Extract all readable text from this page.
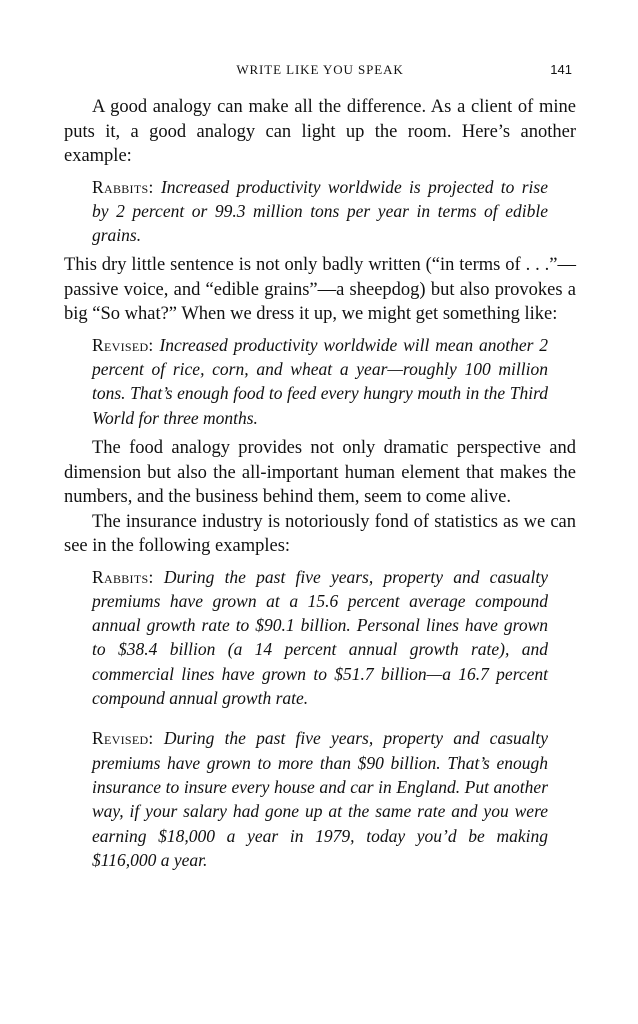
WRITE LIKE YOU SPEAK	141

A good analogy can make all the difference. As a client of mine puts it, a good analogy can light up the room. Here’s another example:

Rabbits: Increased productivity worldwide is projected to rise by 2 percent or 99.3 million tons per year in terms of edible grains.

This dry little sentence is not only badly written (“in terms of . . .”—passive voice, and “edible grains”—a sheepdog) but also provokes a big “So what?” When we dress it up, we might get something like:

Revised: Increased productivity worldwide will mean another 2 percent of rice, corn, and wheat a year—roughly 100 million tons. That’s enough food to feed every hungry mouth in the Third World for three months.

The food analogy provides not only dramatic perspective and dimension but also the all-important human element that makes the numbers, and the business behind them, seem to come alive.

The insurance industry is notoriously fond of statistics as we can see in the following examples:

Rabbits: During the past five years, property and casualty premiums have grown at a 15.6 percent average compound annual growth rate to $90.1 billion. Personal lines have grown to $38.4 billion (a 14 percent annual growth rate), and commercial lines have grown to $51.7 billion—a 16.7 percent compound annual growth rate.
Revised: During the past five years, property and casualty premiums have grown to more than $90 billion. That’s enough insurance to insure every house and car in England. Put another way, if your salary had gone up at the same rate and you were earning $18,000 a year in 1979, today you’d be making $116,000 a year.
